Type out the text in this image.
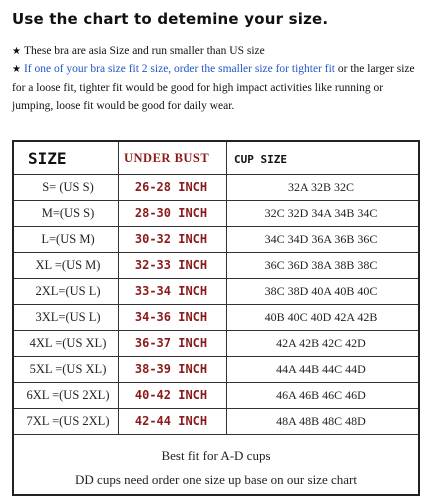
Use the chart to detemine your size.
★ These bra are asia Size and run smaller than US size
★ If one of your bra size fit 2 size, order the smaller size for tighter fit or the larger size for a loose fit, tighter fit would be good for high impact activities like running or jumping, loose fit would be good for daily wear.
SIZE	UNDER BUST	CUP SIZE
S= (US S)	26-28 INCH	32A 32B 32C
M=(US S)	28-30 INCH	32C 32D 34A 34B 34C
L=(US M)	30-32 INCH	34C 34D 36A 36B 36C
XL =(US M)	32-33 INCH	36C 36D 38A 38B 38C
2XL=(US L)	33-34 INCH	38C 38D 40A 40B 40C
3XL=(US L)	34-36 INCH	40B 40C 40D 42A 42B
4XL =(US XL)	36-37 INCH	42A 42B 42C 42D
5XL =(US XL)	38-39 INCH	44A 44B 44C 44D
6XL =(US 2XL)	40-42 INCH	46A 46B 46C 46D
7XL =(US 2XL)	42-44 INCH	48A 48B 48C 48D
Best fit for A-D cups
DD cups need order one size up base on our size chart
